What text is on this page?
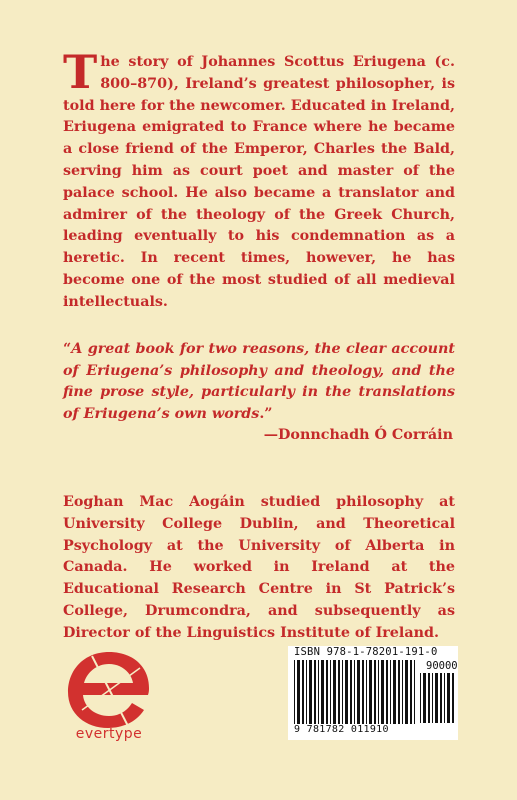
The story of Johannes Scottus Eriugena (c. 800–870), Ireland’s greatest philosopher, is told here for the newcomer. Educated in Ireland, Eriugena emigrated to France where he became a close friend of the Emperor, Charles the Bald, serving him as court poet and master of the palace school. He also became a translator and admirer of the theology of the Greek Church, leading eventually to his condemnation as a heretic. In recent times, however, he has become one of the most studied of all medieval intellectuals.
“A great book for two reasons, the clear account of Eriugena’s philosophy and theology, and the fine prose style, particularly in the translations of Eriugena’s own words.”
—Donnchadh Ó Corráin
Eoghan Mac Aogáin studied philosophy at University College Dublin, and Theoretical Psychology at the University of Alberta in Canada. He worked in Ireland at the Educational Research Centre in St Patrick’s College, Drumcondra, and subsequently as Director of the Linguistics Institute of Ireland.
evertype
ISBN 978-1-78201-191-0
90000
9 781782 011910
